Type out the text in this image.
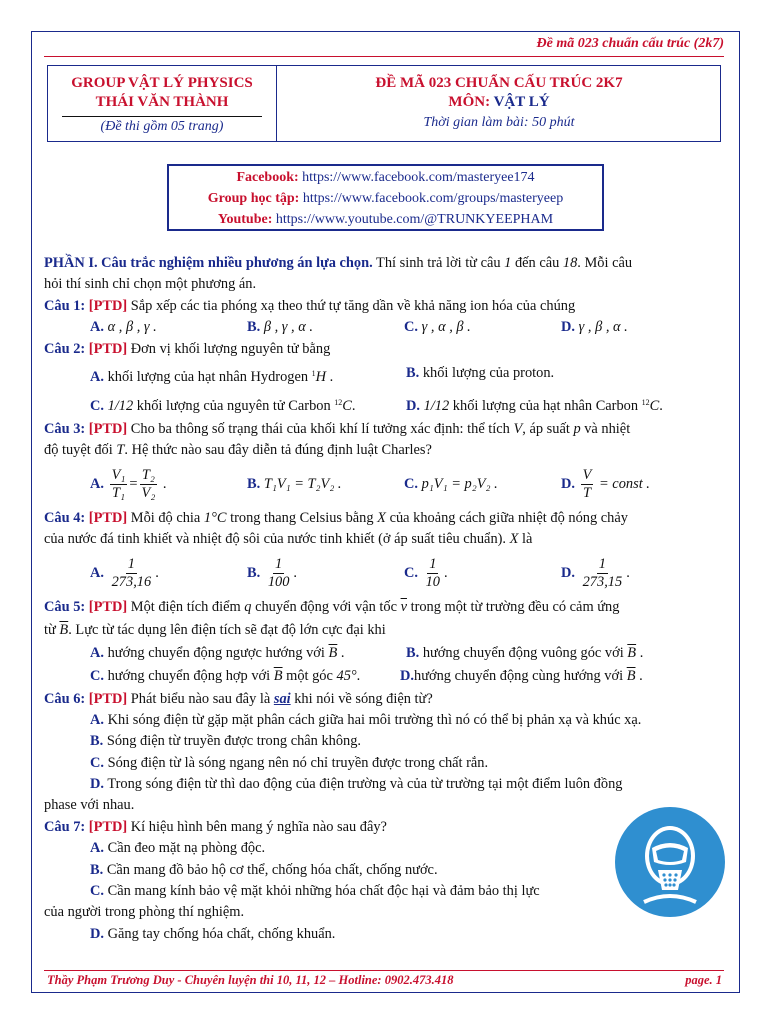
Đề mã 023 chuẩn cấu trúc (2k7)
GROUP VẬT LÝ PHYSICS
THÁI VĂN THÀNH
(Đề thi gồm 05 trang)
ĐỀ MÃ 023 CHUẨN CẤU TRÚC 2K7
MÔN: VẬT LÝ
Thời gian làm bài: 50 phút
Facebook: https://www.facebook.com/masteryee174
Group học tập: https://www.facebook.com/groups/masteryeep
Youtube: https://www.youtube.com/@TRUNKYEEPHAM
PHẦN I. Câu trắc nghiệm nhiều phương án lựa chọn. Thí sinh trả lời từ câu 1 đến câu 18. Mỗi câu
hỏi thí sinh chỉ chọn một phương án.
Câu 1: [PTD] Sắp xếp các tia phóng xạ theo thứ tự tăng dần về khả năng ion hóa của chúng
A. α , β , γ .	B. β , γ , α .	C. γ , α , β .	D. γ , β , α .
Câu 2: [PTD] Đơn vị khối lượng nguyên tử bằng
A. khối lượng của hạt nhân Hydrogen $^1$H .	B. khối lượng của proton.
C. 1/12 khối lượng của nguyên tử Carbon $^{12}$C.	D. 1/12 khối lượng của hạt nhân Carbon $^{12}$C.
Câu 3: [PTD] Cho ba thông số trạng thái của khối khí lí tưởng xác định: thể tích V, áp suất p và nhiệt
độ tuyệt đối T. Hệ thức nào sau đây diễn tả đúng định luật Charles?
A. $\frac{\text{V₁}}{\text{T₁}} = \frac{\text{T₂}}{\text{V₂}}$ .	B. T₁V₁ = T₂V₂ .	C. p₁V₁ = p₂V₂ .	D. $\frac{V}{T}$ = const .
Câu 4: [PTD] Mỗi độ chia 1°C trong thang Celsius bằng X của khoảng cách giữa nhiệt độ nóng chảy
của nước đá tinh khiết và nhiệt độ sôi của nước tinh khiết (ở áp suất tiêu chuẩn). X là
A. $\frac{1}{273,16}$ .	B. $\frac{1}{100}$ .	C. $\frac{1}{10}$ .	D. $\frac{1}{273,15}$ .
Câu 5: [PTD] Một điện tích điểm q chuyển động với vận tốc $\overline{v}$ trong một từ trường đều có cảm ứng
từ $\overline{B}$. Lực từ tác dụng lên điện tích sẽ đạt độ lớn cực đại khi
A. hướng chuyển động ngược hướng với $\overline{B}$ .	B. hướng chuyển động vuông góc với $\overline{B}$ .
C. hướng chuyển động hợp với $\overline{B}$ một góc 45°.	D.hướng chuyển động cùng hướng với $\overline{B}$ .
Câu 6: [PTD] Phát biểu nào sau đây là sai khi nói về sóng điện từ?
A. Khi sóng điện từ gặp mặt phân cách giữa hai môi trường thì nó có thể bị phản xạ và khúc xạ.
B. Sóng điện từ truyền được trong chân không.
C. Sóng điện từ là sóng ngang nên nó chỉ truyền được trong chất rắn.
D. Trong sóng điện từ thì dao động của điện trường và của từ trường tại một điểm luôn đồng
phase với nhau.
Câu 7: [PTD] Kí hiệu hình bên mang ý nghĩa nào sau đây?
A. Cần đeo mặt nạ phòng độc.
B. Cần mang đồ bảo hộ cơ thể, chống hóa chất, chống nước.
C. Cần mang kính bảo vệ mặt khỏi những hóa chất độc hại và đảm bảo thị lực
của người trong phòng thí nghiệm.
D. Găng tay chống hóa chất, chống khuẩn.
Thầy Phạm Trương Duy - Chuyên luyện thi 10, 11, 12 – Hotline: 0902.473.418	page. 1
